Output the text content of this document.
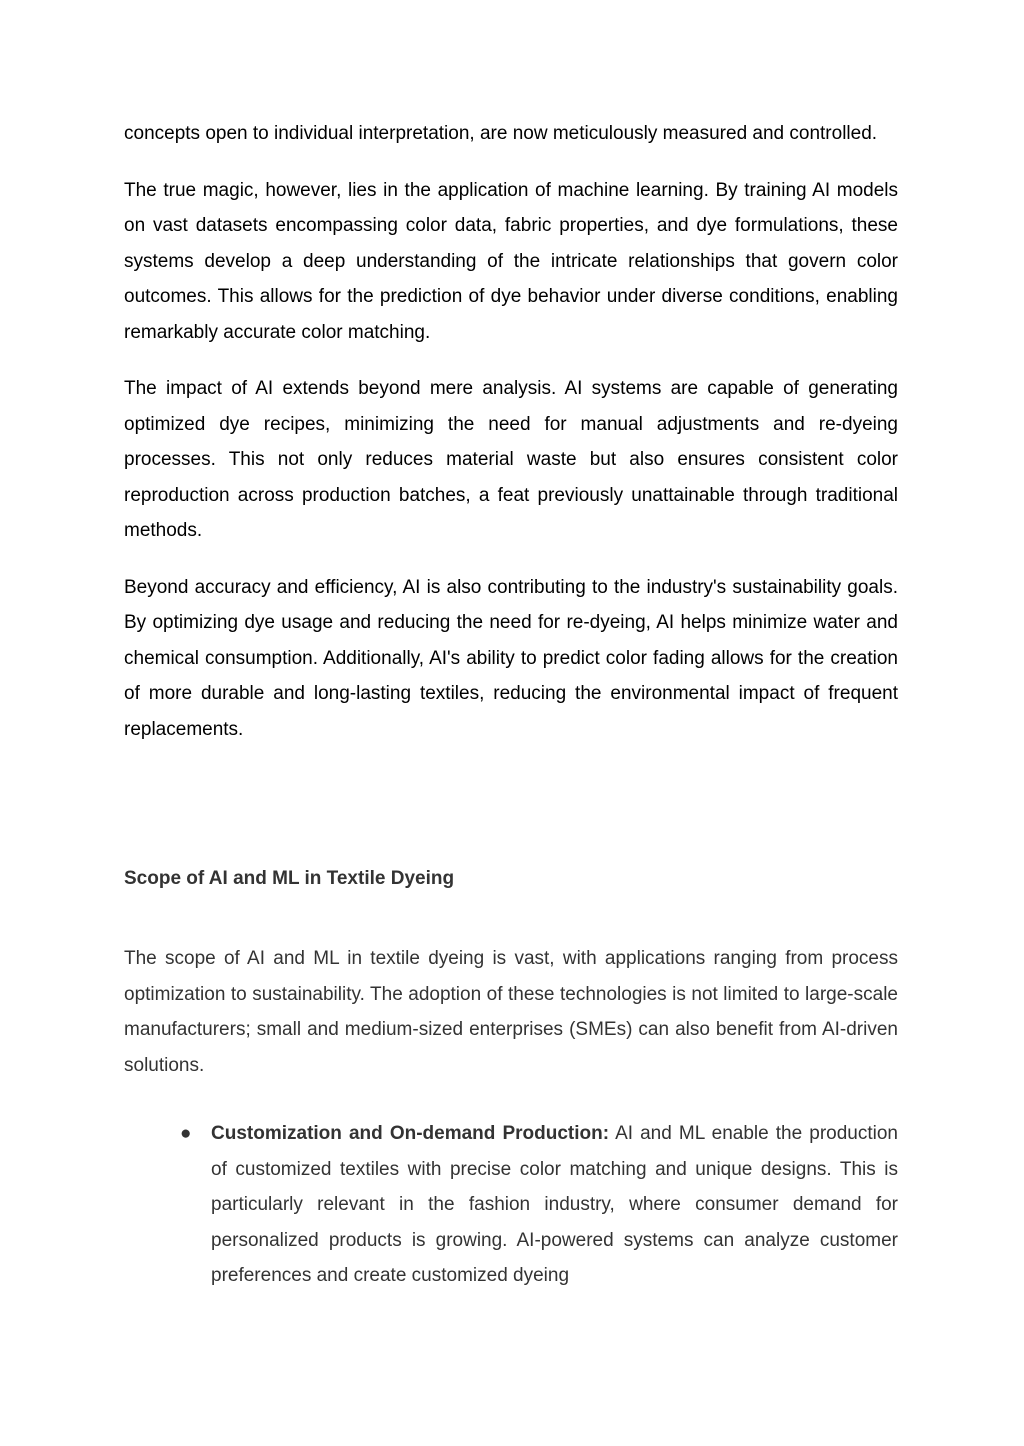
concepts open to individual interpretation, are now meticulously measured and controlled.

The true magic, however, lies in the application of machine learning. By training AI models on vast datasets encompassing color data, fabric properties, and dye formulations, these systems develop a deep understanding of the intricate relationships that govern color outcomes. This allows for the prediction of dye behavior under diverse conditions, enabling remarkably accurate color matching.

The impact of AI extends beyond mere analysis. AI systems are capable of generating optimized dye recipes, minimizing the need for manual adjustments and re-dyeing processes. This not only reduces material waste but also ensures consistent color reproduction across production batches, a feat previously unattainable through traditional methods.

Beyond accuracy and efficiency, AI is also contributing to the industry's sustainability goals. By optimizing dye usage and reducing the need for re-dyeing, AI helps minimize water and chemical consumption. Additionally, AI's ability to predict color fading allows for the creation of more durable and long-lasting textiles, reducing the environmental impact of frequent replacements.

Scope of AI and ML in Textile Dyeing

The scope of AI and ML in textile dyeing is vast, with applications ranging from process optimization to sustainability. The adoption of these technologies is not limited to large-scale manufacturers; small and medium-sized enterprises (SMEs) can also benefit from AI-driven solutions.

● Customization and On-demand Production: AI and ML enable the production of customized textiles with precise color matching and unique designs. This is particularly relevant in the fashion industry, where consumer demand for personalized products is growing. AI-powered systems can analyze customer preferences and create customized dyeing
